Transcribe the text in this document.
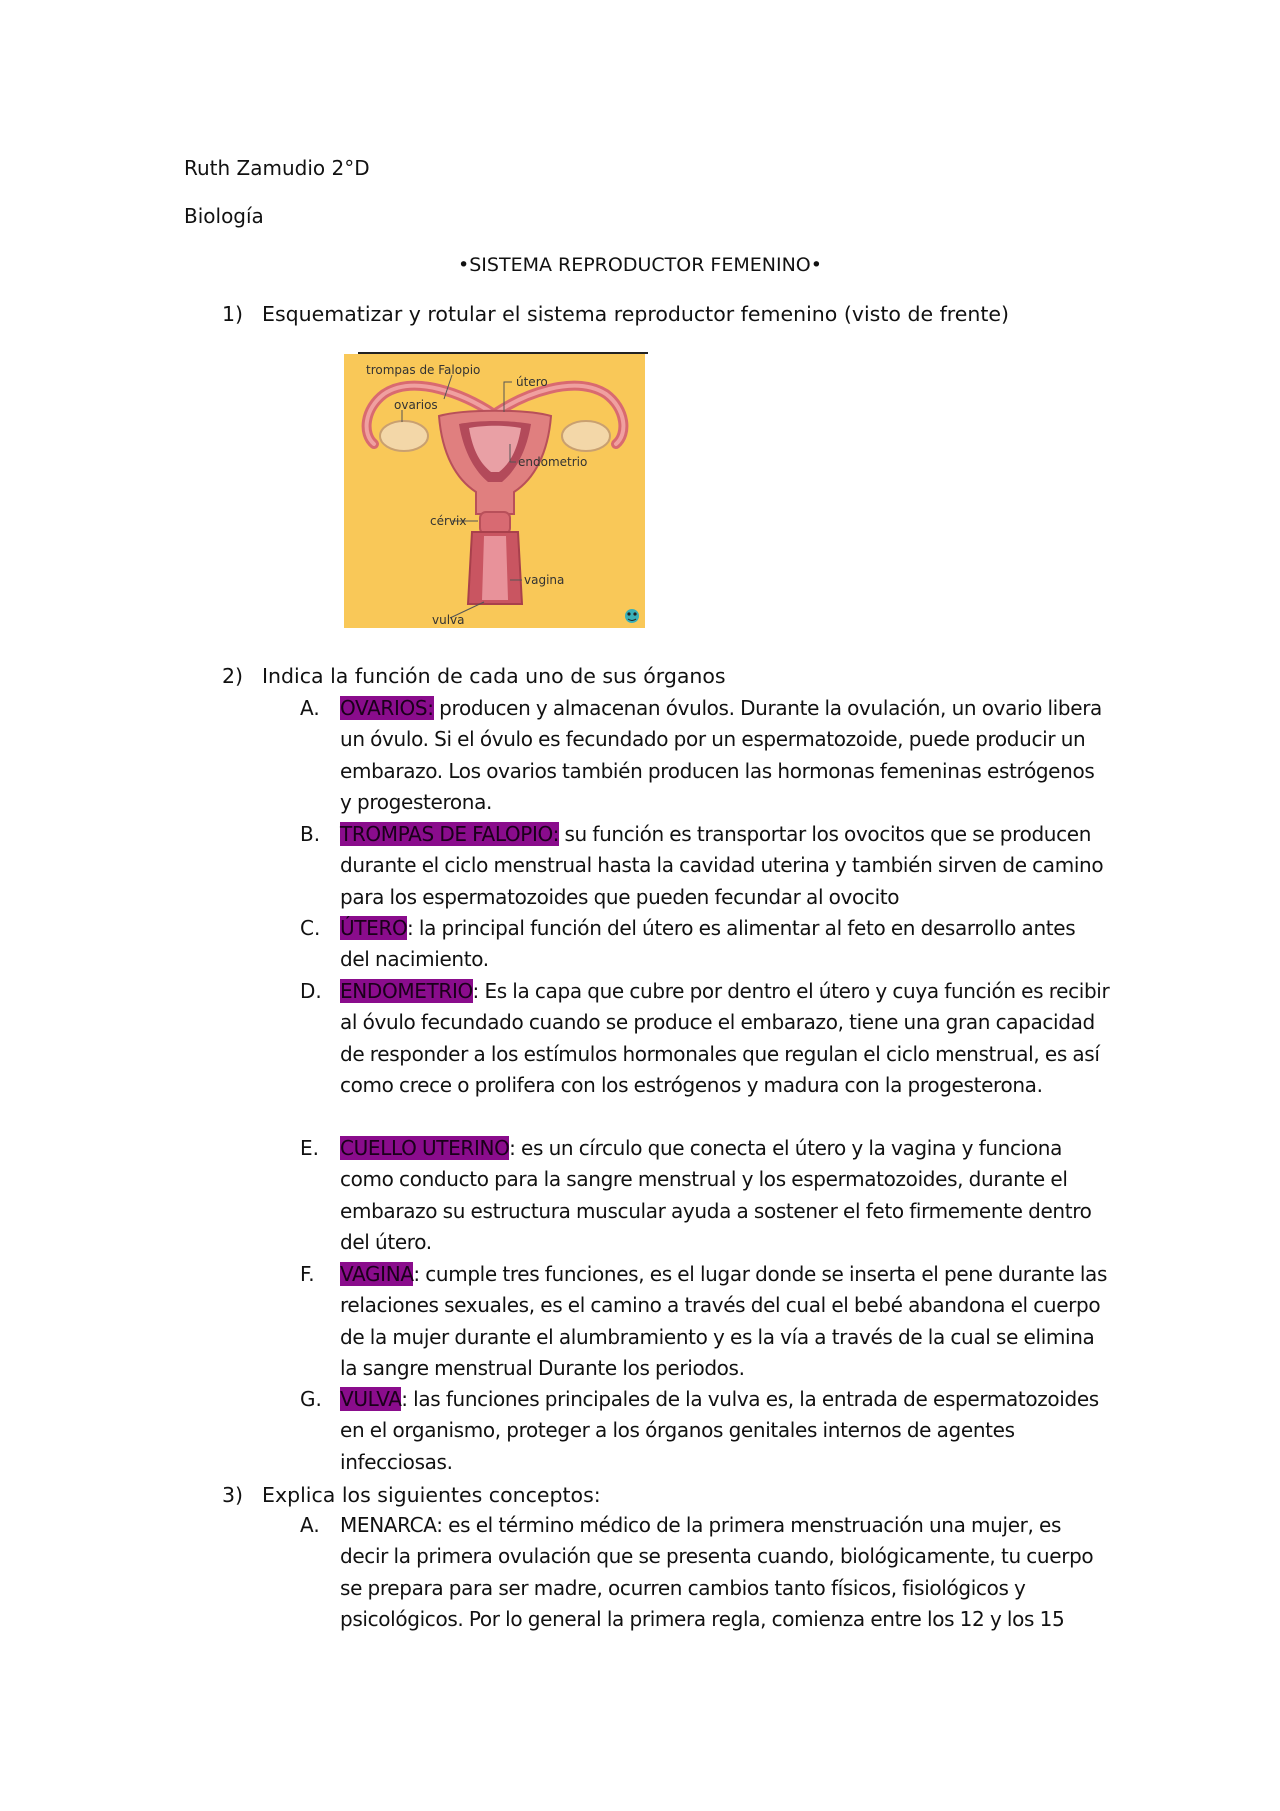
Ruth Zamudio 2°D
Biología
•SISTEMA REPRODUCTOR FEMENINO•
1) Esquematizar y rotular el sistema reproductor femenino (visto de frente)
trompas de Falopio
útero
ovarios
endometrio
cérvix
vagina
vulva
2) Indica la función de cada uno de sus órganos
A. OVARIOS: producen y almacenan óvulos. Durante la ovulación, un ovario libera un óvulo. Si el óvulo es fecundado por un espermatozoide, puede producir un embarazo. Los ovarios también producen las hormonas femeninas estrógenos y progesterona.
B. TROMPAS DE FALOPIO: su función es transportar los ovocitos que se producen durante el ciclo menstrual hasta la cavidad uterina y también sirven de camino para los espermatozoides que pueden fecundar al ovocito
C. ÚTERO: la principal función del útero es alimentar al feto en desarrollo antes del nacimiento.
D. ENDOMETRIO: Es la capa que cubre por dentro el útero y cuya función es recibir al óvulo fecundado cuando se produce el embarazo, tiene una gran capacidad de responder a los estímulos hormonales que regulan el ciclo menstrual, es así como crece o prolifera con los estrógenos y madura con la progesterona.
E. CUELLO UTERINO: es un círculo que conecta el útero y la vagina y funciona como conducto para la sangre menstrual y los espermatozoides, durante el embarazo su estructura muscular ayuda a sostener el feto firmemente dentro del útero.
F. VAGINA: cumple tres funciones, es el lugar donde se inserta el pene durante las relaciones sexuales, es el camino a través del cual el bebé abandona el cuerpo de la mujer durante el alumbramiento y es la vía a través de la cual se elimina la sangre menstrual Durante los periodos.
G. VULVA: las funciones principales de la vulva es, la entrada de espermatozoides en el organismo, proteger a los órganos genitales internos de agentes infecciosas.
3) Explica los siguientes conceptos:
A. MENARCA: es el término médico de la primera menstruación una mujer, es decir la primera ovulación que se presenta cuando, biológicamente, tu cuerpo se prepara para ser madre, ocurren cambios tanto físicos, fisiológicos y psicológicos. Por lo general la primera regla, comienza entre los 12 y los 15
